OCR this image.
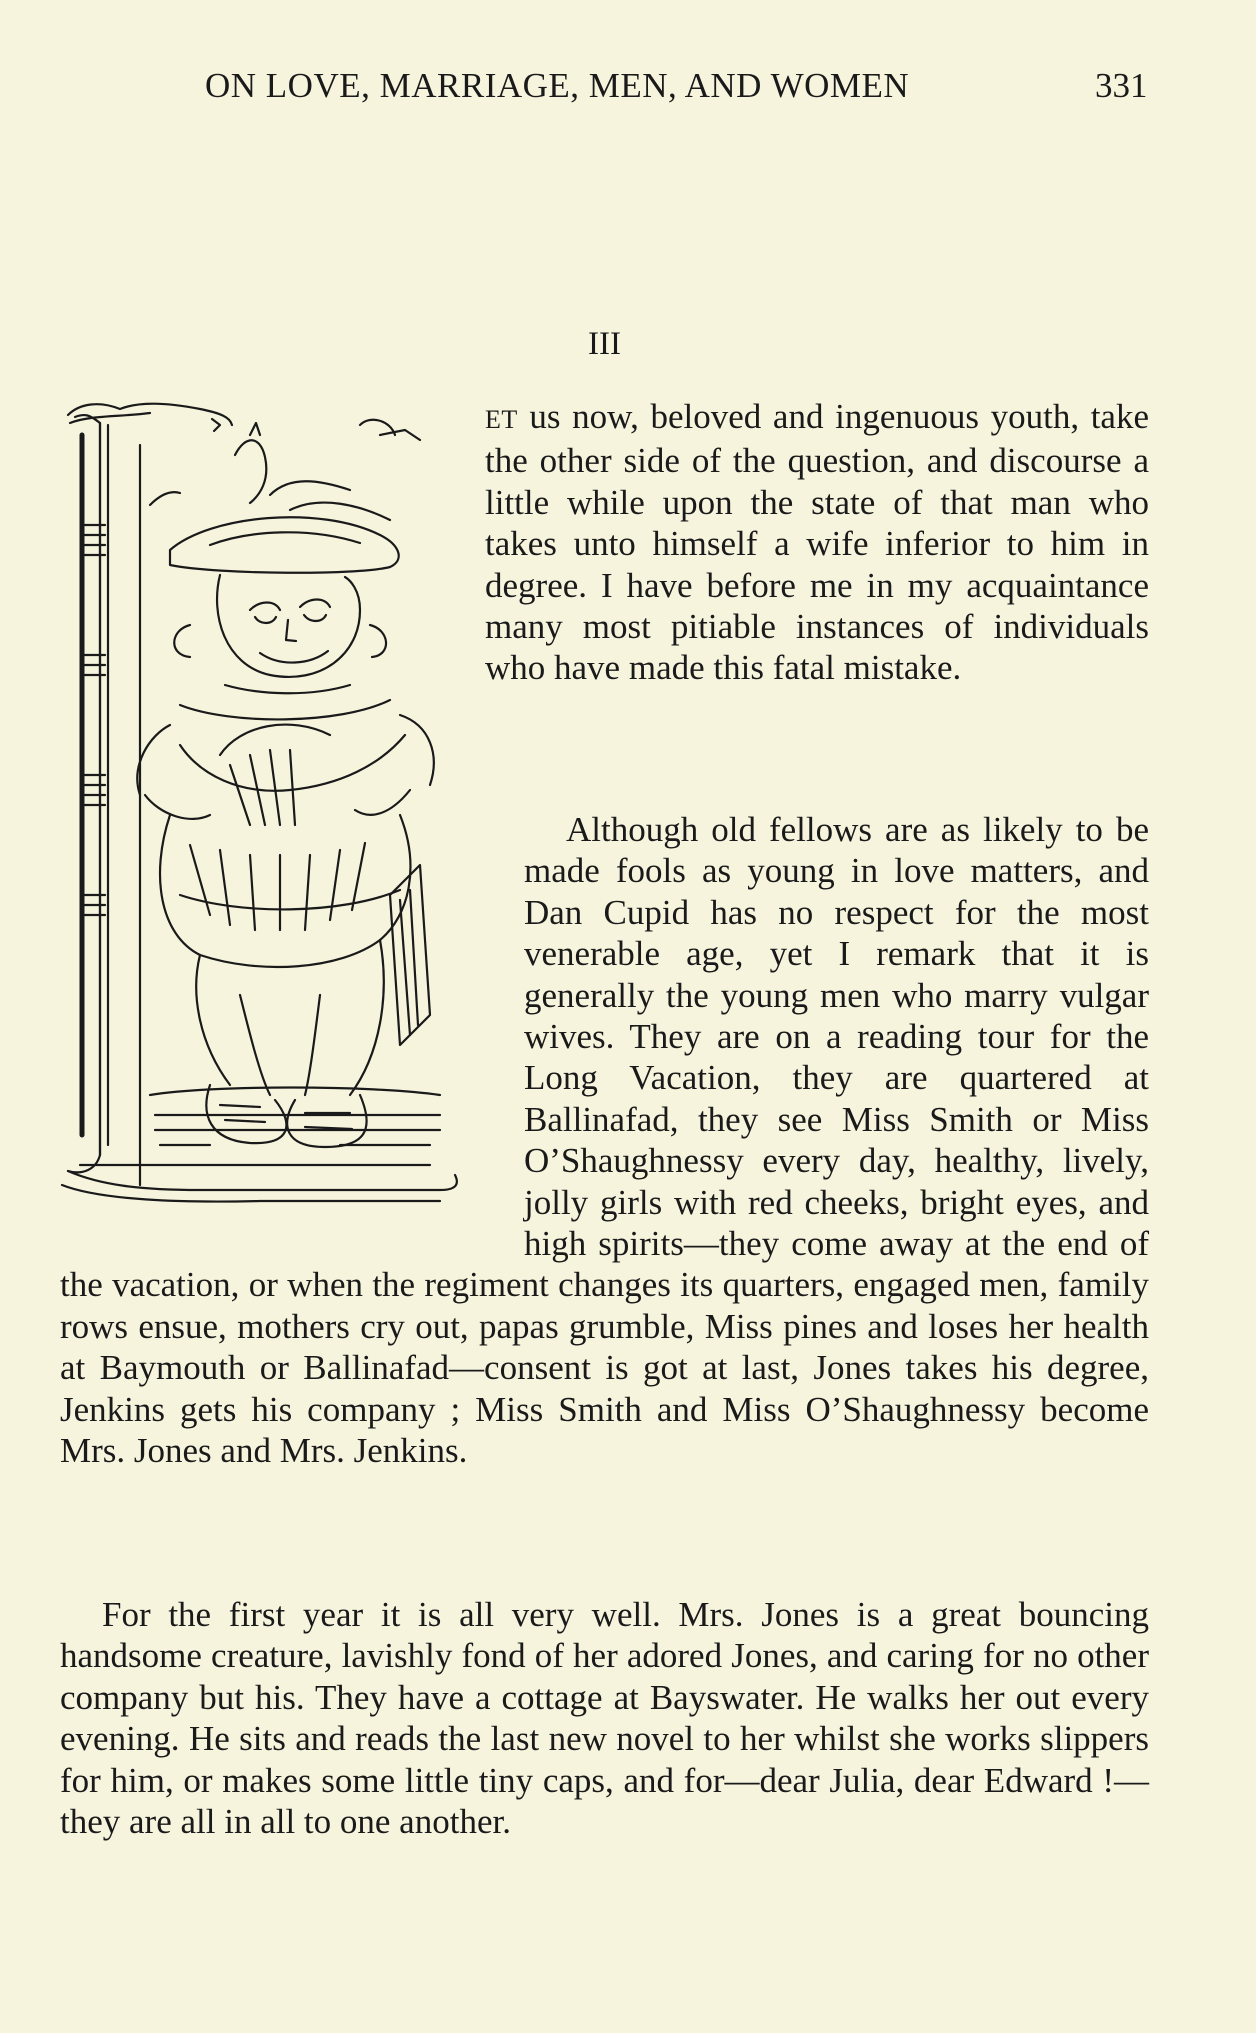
ON LOVE, MARRIAGE, MEN, AND WOMEN	331
III
ET us now, beloved and ingenuous youth, take the other side of the question, and discourse a little while upon the state of that man who takes unto himself a wife inferior to him in degree. I have before me in my acquaintance many most pitiable instances of individuals who have made this fatal mistake.
Although old fellows are as likely to be made fools as young in love matters, and Dan Cupid has no respect for the most venerable age, yet I remark that it is generally the young men who marry vulgar wives. They are on a reading tour for the Long Vacation, they are quartered at Ballinafad, they see Miss Smith or Miss O’Shaughnessy every day, healthy, lively, jolly girls with red cheeks, bright eyes, and high spirits—they come away at the end of the vacation, or when the regiment changes its quarters, engaged men, family rows ensue, mothers cry out, papas grumble, Miss pines and loses her health at Baymouth or Ballinafad—consent is got at last, Jones takes his degree, Jenkins gets his company ; Miss Smith and Miss O’Shaughnessy become Mrs. Jones and Mrs. Jenkins.
For the first year it is all very well. Mrs. Jones is a great bouncing handsome creature, lavishly fond of her adored Jones, and caring for no other company but his. They have a cottage at Bayswater. He walks her out every evening. He sits and reads the last new novel to her whilst she works slippers for him, or makes some little tiny caps, and for—dear Julia, dear Edward !—they are all in all to one another.
